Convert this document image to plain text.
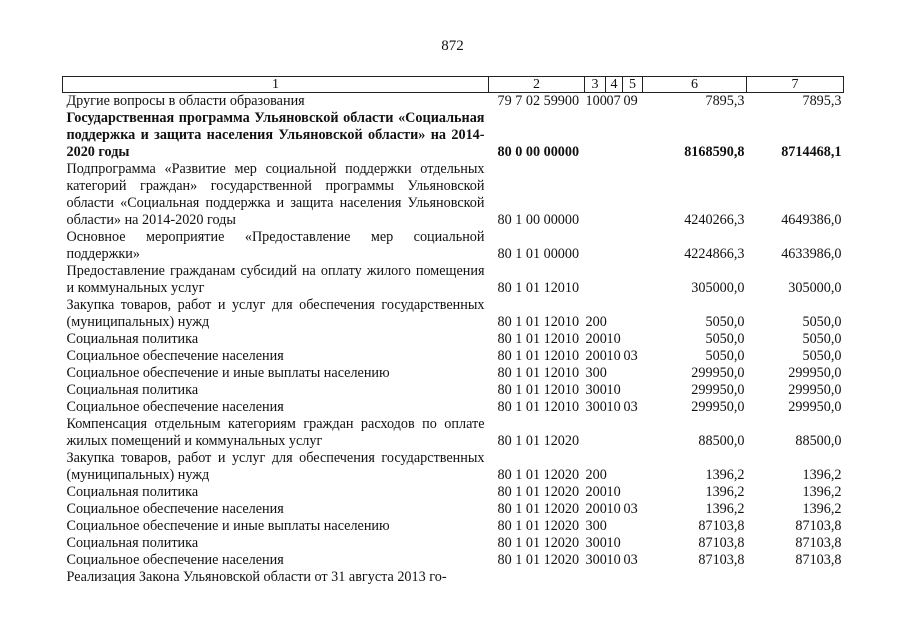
872
1	2	3	4	5	6	7
Другие вопросы в области образования	79 7 02 59900	100	07	09	7895,3	7895,3
Государственная программа Ульяновской области «Социальная поддержка и защита населения Ульяновской области» на 2014-2020 годы	80 0 00 00000				8168590,8	8714468,1
Подпрограмма «Развитие мер социальной поддержки отдельных категорий граждан» государственной программы Ульяновской области «Социальная поддержка и защита населения Ульяновской области» на 2014-2020 годы	80 1 00 00000				4240266,3	4649386,0
Основное мероприятие «Предоставление мер социальной поддержки»	80 1 01 00000				4224866,3	4633986,0
Предоставление гражданам субсидий на оплату жилого помещения и коммунальных услуг	80 1 01 12010				305000,0	305000,0
Закупка товаров, работ и услуг для обеспечения государственных (муниципальных) нужд	80 1 01 12010	200			5050,0	5050,0
Социальная политика	80 1 01 12010	200	10		5050,0	5050,0
Социальное обеспечение населения	80 1 01 12010	200	10	03	5050,0	5050,0
Социальное обеспечение и иные выплаты населению	80 1 01 12010	300			299950,0	299950,0
Социальная политика	80 1 01 12010	300	10		299950,0	299950,0
Социальное обеспечение населения	80 1 01 12010	300	10	03	299950,0	299950,0
Компенсация отдельным категориям граждан расходов по оплате жилых помещений и коммунальных услуг	80 1 01 12020				88500,0	88500,0
Закупка товаров, работ и услуг для обеспечения государственных (муниципальных) нужд	80 1 01 12020	200			1396,2	1396,2
Социальная политика	80 1 01 12020	200	10		1396,2	1396,2
Социальное обеспечение населения	80 1 01 12020	200	10	03	1396,2	1396,2
Социальное обеспечение и иные выплаты населению	80 1 01 12020	300			87103,8	87103,8
Социальная политика	80 1 01 12020	300	10		87103,8	87103,8
Социальное обеспечение населения	80 1 01 12020	300	10	03	87103,8	87103,8
Реализация Закона Ульяновской области от 31 августа 2013 го-						
